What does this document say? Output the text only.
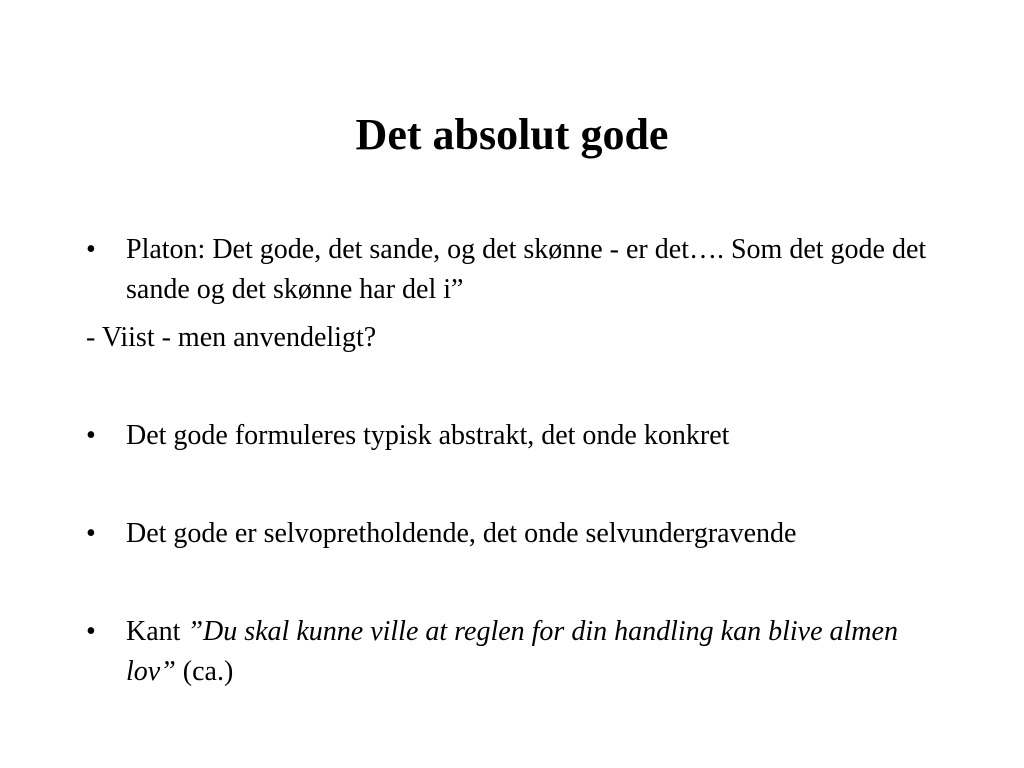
Det absolut gode

• Platon: Det gode, det sande, og det skønne - er det…. Som det gode det sande og det skønne har del i”

- Viist - men anvendeligt?

• Det gode formuleres typisk abstrakt, det onde konkret

• Det gode er selvopretholdende, det onde selvundergravende

• Kant ”Du skal kunne ville at reglen for din handling kan blive almen lov” (ca.)
